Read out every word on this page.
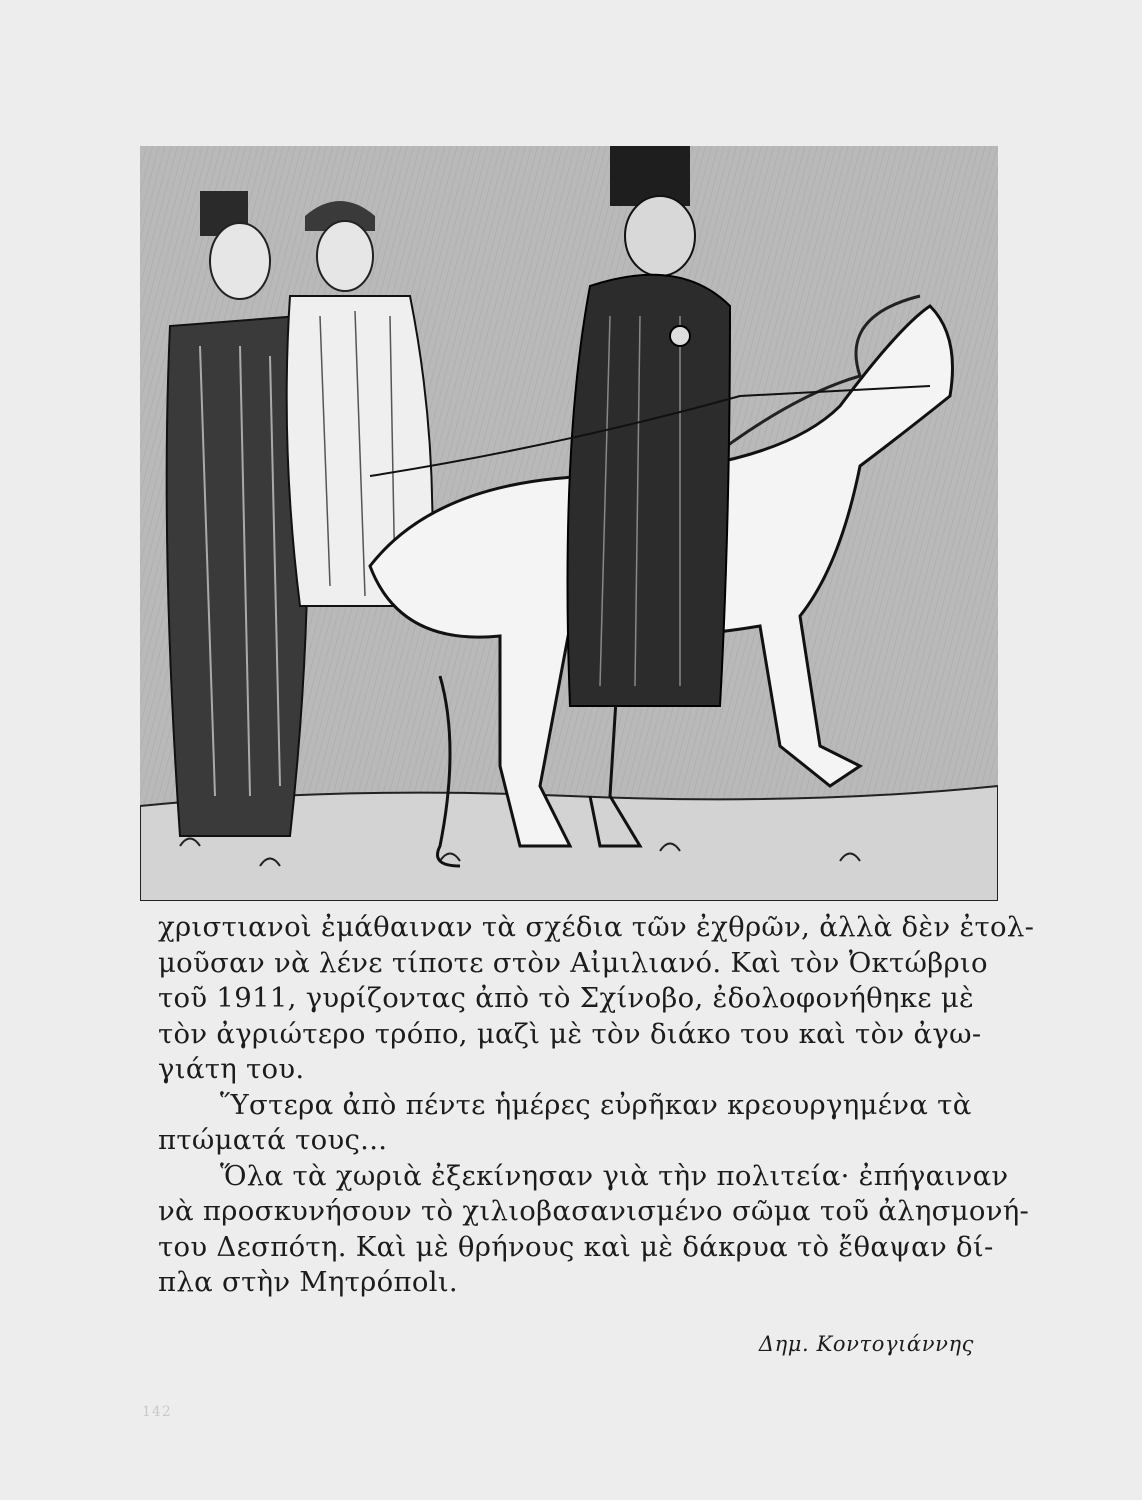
χριστιανοὶ ἐμάθαιναν τὰ σχέδια τῶν ἐχθρῶν, ἀλλὰ δὲν ἐτολ-
μοῦσαν νὰ λένε τίποτε στὸν Αἰμιλιανό. Καὶ τὸν Ὀκτώβριο
τοῦ 1911, γυρίζοντας ἀπὸ τὸ Σχίνοβο, ἐδολοφονήθηκε μὲ
τὸν ἀγριώτερο τρόπο, μαζὶ μὲ τὸν διάκο του καὶ τὸν ἀγω-
γιάτη του.

Ὕστερα ἀπὸ πέντε ἡμέρες εὐρῆκαν κρεουργημένα τὰ
πτώματά τους...

Ὅλα τὰ χωριὰ ἐξεκίνησαν γιὰ τὴν πολιτεία· ἐπήγαιναν
νὰ προσκυνήσουν τὸ χιλιοβασανισμένο σῶμα τοῦ ἀλησμονή-
του Δεσπότη. Καὶ μὲ θρήνους καὶ μὲ δάκρυα τὸ ἔθαψαν δί-
πλα στὴν Μητρόποlι.

Δημ. Κοντογιάννης
142
